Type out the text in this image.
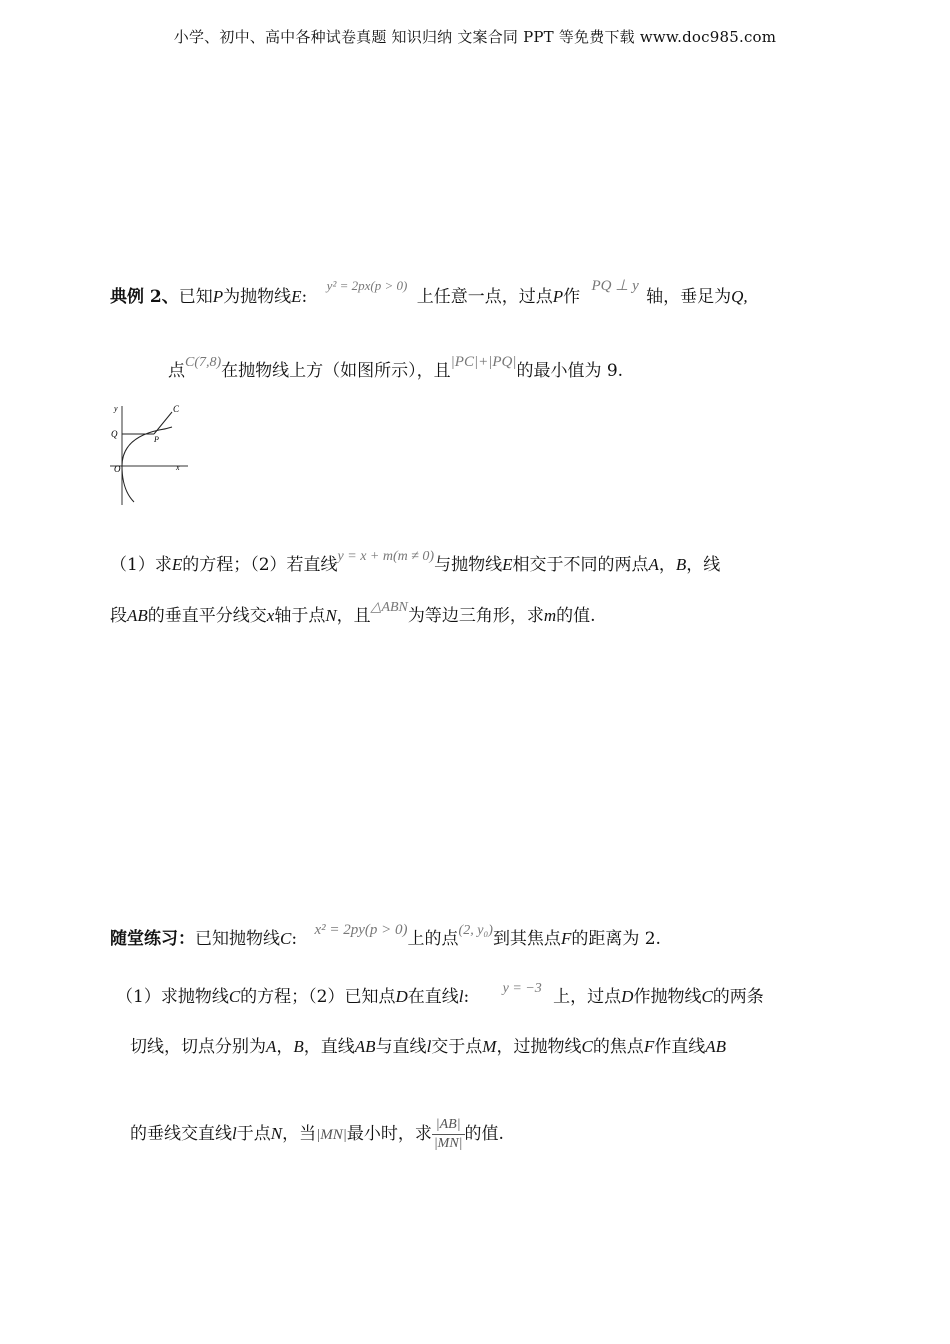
小学、初中、高中各种试卷真题 知识归纳 文案合同 PPT 等免费下载 www.doc985.com
典例 2、已知P为抛物线E: y² = 2px(p > 0) 上任意一点，过点P作 PQ ⊥ y 轴，垂足为Q,
点C(7,8)在抛物线上方（如图所示），且|PC|+|PQ|的最小值为 9.
y
x
O
Q
P
C
（1）求E的方程；（2）若直线y = x + m(m ≠ 0)与抛物线E相交于不同的两点A，B，线
段AB的垂直平分线交x轴于点N，且△ABN为等边三角形，求m的值.
随堂练习：已知抛物线C: x² = 2py(p > 0)上的点(2, y₀)到其焦点F的距离为 2.
（1）求抛物线C的方程；（2）已知点D在直线l: y = −3 上，过点D作抛物线C的两条
切线，切点分别为A，B，直线AB与直线l交于点M，过抛物线C的焦点F作直线AB
的垂线交直线l于点N，当|MN|最小时，求 $\frac{|AB|}{|MN|}$ 的值.
